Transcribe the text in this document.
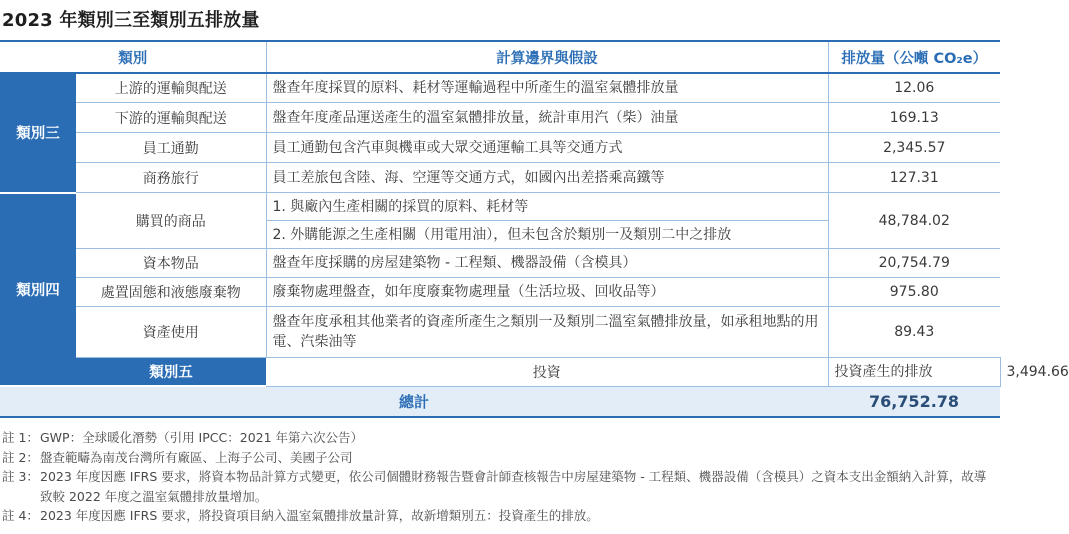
2023 年類別三至類別五排放量
類別		計算邊界與假設	排放量（公噸 CO₂e）	
類別三	上游的運輸與配送	盤查年度採買的原料、耗材等運輸過程中所產生的溫室氣體排放量	12.06	
	下游的運輸與配送	盤查年度產品運送產生的溫室氣體排放量，統計車用汽（柴）油量	169.13	
	員工通勤	員工通勤包含汽車與機車或大眾交通運輸工具等交通方式	2,345.57	
	商務旅行	員工差旅包含陸、海、空運等交通方式，如國內出差搭乘高鐵等	127.31	
類別四	購買的商品	1. 與廠內生產相關的採買的原料、耗材等	48,784.02	
		2. 外購能源之生產相關（用電用油），但未包含於類別一及類別二中之排放		
	資本物品	盤查年度採購的房屋建築物 - 工程類、機器設備（含模具）	20,754.79	
	處置固態和液態廢棄物	廢棄物處理盤查，如年度廢棄物處理量（生活垃圾、回收品等）	975.80	
	資產使用	盤查年度承租其他業者的資產所產生之類別一及類別二溫室氣體排放量，如承租地點的用電、汽柴油等	89.43	
	類別五	投資	投資產生的排放	3,494.66
總計			76,752.78	
註 1： GWP：全球暖化潛勢（引用 IPCC：2021 年第六次公告）
註 2： 盤查範疇為南茂台灣所有廠區、上海子公司、美國子公司
註 3： 2023 年度因應 IFRS 要求，將資本物品計算方式變更，依公司個體財務報告暨會計師查核報告中房屋建築物 - 工程類、機器設備（含模具）之資本支出金額納入計算，故導致較 2022 年度之溫室氣體排放量增加。
註 4： 2023 年度因應 IFRS 要求，將投資項目納入溫室氣體排放量計算，故新增類別五：投資產生的排放。
